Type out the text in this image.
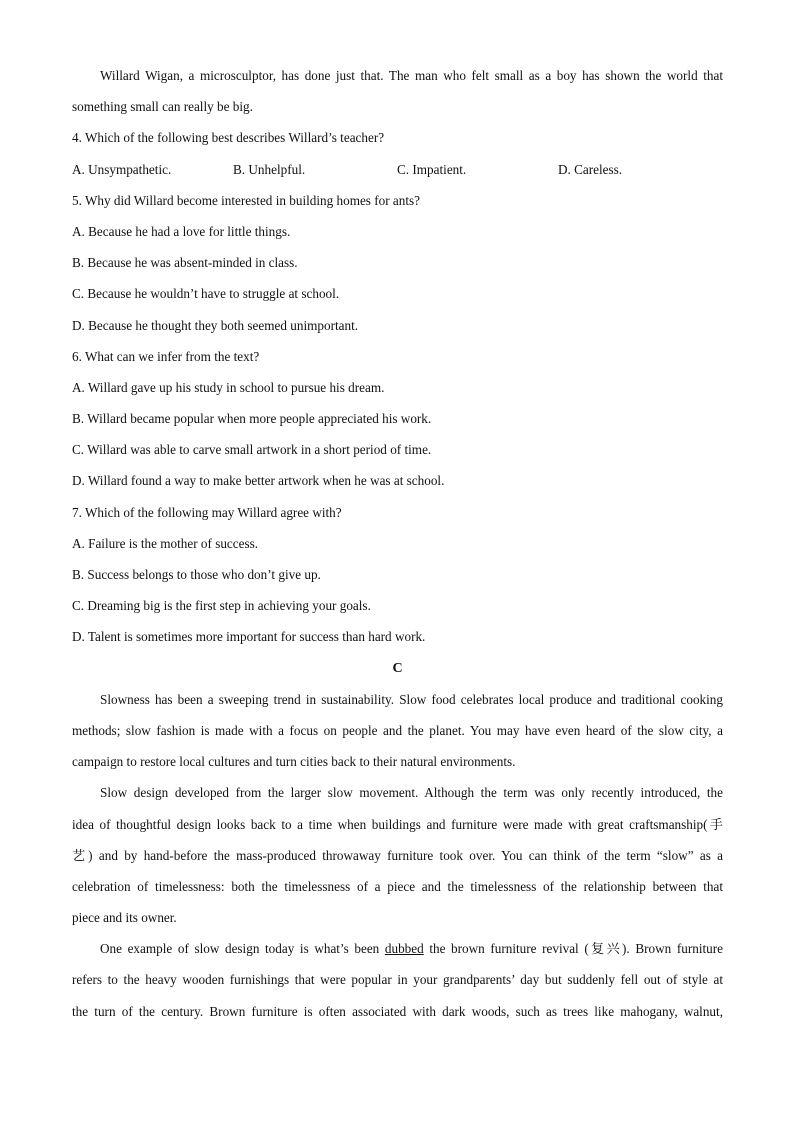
Willard Wigan, a microsculptor, has done just that. The man who felt small as a boy has shown the world that
something small can really be big.
4. Which of the following best describes Willard’s teacher?
A. Unsympathetic.	B. Unhelpful.	C. Impatient.	D. Careless.
5. Why did Willard become interested in building homes for ants?
A. Because he had a love for little things.
B. Because he was absent-minded in class.
C. Because he wouldn’t have to struggle at school.
D. Because he thought they both seemed unimportant.
6. What can we infer from the text?
A. Willard gave up his study in school to pursue his dream.
B. Willard became popular when more people appreciated his work.
C. Willard was able to carve small artwork in a short period of time.
D. Willard found a way to make better artwork when he was at school.
7. Which of the following may Willard agree with?
A. Failure is the mother of success.
B. Success belongs to those who don’t give up.
C. Dreaming big is the first step in achieving your goals.
D. Talent is sometimes more important for success than hard work.
C
Slowness has been a sweeping trend in sustainability. Slow food celebrates local produce and traditional cooking
methods; slow fashion is made with a focus on people and the planet. You may have even heard of the slow city, a
campaign to restore local cultures and turn cities back to their natural environments.
Slow design developed from the larger slow movement. Although the term was only recently introduced, the
idea of thoughtful design looks back to a time when buildings and furniture were made with great craftsmanship(手
艺) and by hand-before the mass-produced throwaway furniture took over. You can think of the term “slow” as a
celebration of timelessness: both the timelessness of a piece and the timelessness of the relationship between that
piece and its owner.
One example of slow design today is what’s been dubbed the brown furniture revival (复兴). Brown furniture
refers to the heavy wooden furnishings that were popular in your grandparents’ day but suddenly fell out of style at
the turn of the century. Brown furniture is often associated with dark woods, such as trees like mahogany, walnut,
